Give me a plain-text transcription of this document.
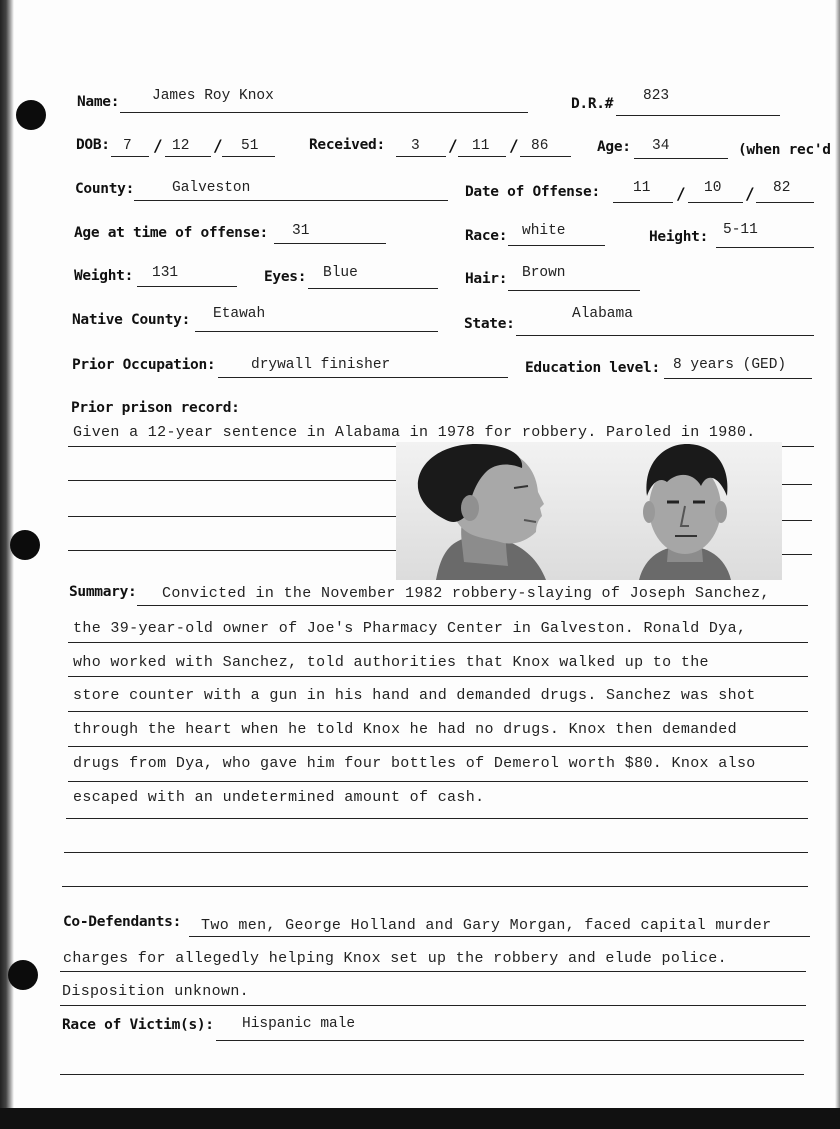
Name: James Roy Knox	D.R.# 823
DOB: 7 / 12 / 51	Received: 3 / 11 / 86	Age: 34	(when rec'd
County:	Galveston	Date of Offense: 11 / 10 / 82
Age at time of offense: 31	Race: white	Height: 5-11
Weight: 131	Eyes: Blue	Hair: Brown
Native County: Etawah
State:
Alabama
Prior Occupation: drywall finisher	Education level: 8 years (GED)
Prior prison record:
Given a 12-year sentence in Alabama in 1978 for robbery. Paroled in 1980.
Summary: Convicted in the November 1982 robbery-slaying of Joseph Sanchez,
the 39-year-old owner of Joe's Pharmacy Center in Galveston. Ronald Dya,
who worked with Sanchez, told authorities that Knox walked up to the
store counter with a gun in his hand and demanded drugs. Sanchez was shot
through the heart when he told Knox he had no drugs. Knox then demanded
drugs from Dya, who gave him four bottles of Demerol worth $80. Knox also
escaped with an undetermined amount of cash.
Co-Defendants: Two men, George Holland and Gary Morgan, faced capital murder
charges for allegedly helping Knox set up the robbery and elude police.
Disposition unknown.
Race of Victim(s): Hispanic male
